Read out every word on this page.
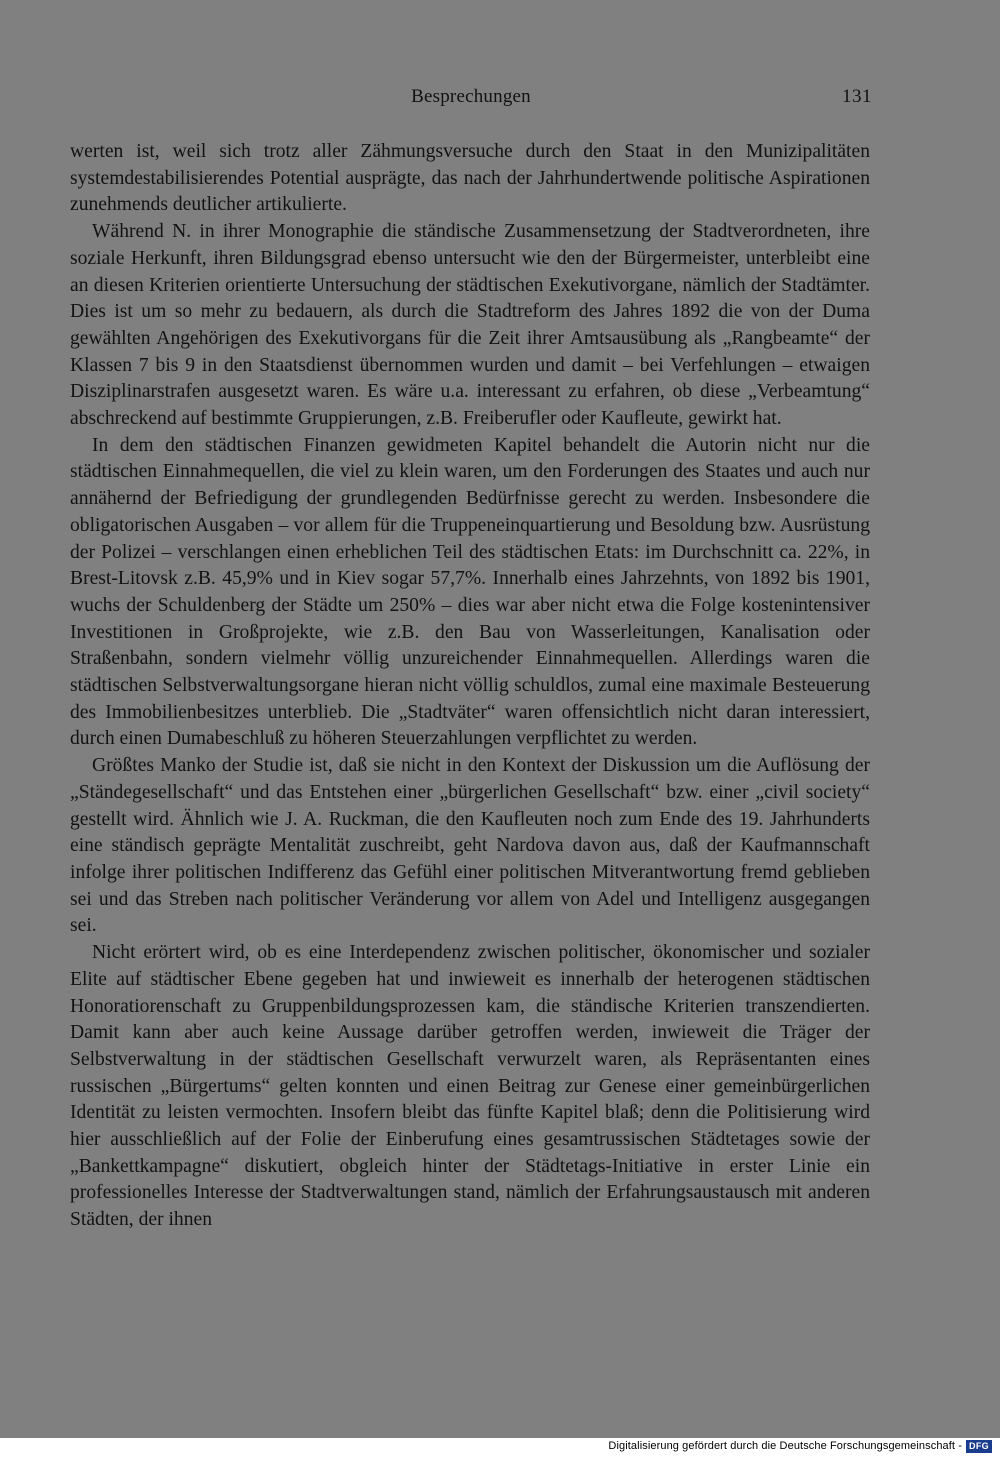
Besprechungen	131

werten ist, weil sich trotz aller Zähmungsversuche durch den Staat in den Munizipalitäten systemdestabilisierendes Potential ausprägte, das nach der Jahrhundertwende politische Aspirationen zunehmends deutlicher artikulierte.

Während N. in ihrer Monographie die ständische Zusammensetzung der Stadtverordneten, ihre soziale Herkunft, ihren Bildungsgrad ebenso untersucht wie den der Bürgermeister, unterbleibt eine an diesen Kriterien orientierte Untersuchung der städtischen Exekutivorgane, nämlich der Stadtämter. Dies ist um so mehr zu bedauern, als durch die Stadtreform des Jahres 1892 die von der Duma gewählten Angehörigen des Exekutivorgans für die Zeit ihrer Amtsausübung als „Rangbeamte“ der Klassen 7 bis 9 in den Staatsdienst übernommen wurden und damit – bei Verfehlungen – etwaigen Disziplinarstrafen ausgesetzt waren. Es wäre u.a. interessant zu erfahren, ob diese „Verbeamtung“ abschreckend auf bestimmte Gruppierungen, z.B. Freiberufler oder Kaufleute, gewirkt hat.

In dem den städtischen Finanzen gewidmeten Kapitel behandelt die Autorin nicht nur die städtischen Einnahmequellen, die viel zu klein waren, um den Forderungen des Staates und auch nur annähernd der Befriedigung der grundlegenden Bedürfnisse gerecht zu werden. Insbesondere die obligatorischen Ausgaben – vor allem für die Truppeneinquartierung und Besoldung bzw. Ausrüstung der Polizei – verschlangen einen erheblichen Teil des städtischen Etats: im Durchschnitt ca. 22%, in Brest-Litovsk z.B. 45,9% und in Kiev sogar 57,7%. Innerhalb eines Jahrzehnts, von 1892 bis 1901, wuchs der Schuldenberg der Städte um 250% – dies war aber nicht etwa die Folge kostenintensiver Investitionen in Großprojekte, wie z.B. den Bau von Wasserleitungen, Kanalisation oder Straßenbahn, sondern vielmehr völlig unzureichender Einnahmequellen. Allerdings waren die städtischen Selbstverwaltungsorgane hieran nicht völlig schuldlos, zumal eine maximale Besteuerung des Immobilienbesitzes unterblieb. Die „Stadtväter“ waren offensichtlich nicht daran interessiert, durch einen Dumabeschluß zu höheren Steuerzahlungen verpflichtet zu werden.

Größtes Manko der Studie ist, daß sie nicht in den Kontext der Diskussion um die Auflösung der „Ständegesellschaft“ und das Entstehen einer „bürgerlichen Gesellschaft“ bzw. einer „civil society“ gestellt wird. Ähnlich wie J. A. Ruckman, die den Kaufleuten noch zum Ende des 19. Jahrhunderts eine ständisch geprägte Mentalität zuschreibt, geht Nardova davon aus, daß der Kaufmannschaft infolge ihrer politischen Indifferenz das Gefühl einer politischen Mitverantwortung fremd geblieben sei und das Streben nach politischer Veränderung vor allem von Adel und Intelligenz ausgegangen sei.

Nicht erörtert wird, ob es eine Interdependenz zwischen politischer, ökonomischer und sozialer Elite auf städtischer Ebene gegeben hat und inwieweit es innerhalb der heterogenen städtischen Honoratiorenschaft zu Gruppenbildungsprozessen kam, die ständische Kriterien transzendierten. Damit kann aber auch keine Aussage darüber getroffen werden, inwieweit die Träger der Selbstverwaltung in der städtischen Gesellschaft verwurzelt waren, als Repräsentanten eines russischen „Bürgertums“ gelten konnten und einen Beitrag zur Genese einer gemeinbürgerlichen Identität zu leisten vermochten. Insofern bleibt das fünfte Kapitel blaß; denn die Politisierung wird hier ausschließlich auf der Folie der Einberufung eines gesamtrussischen Städtetages sowie der „Bankettkampagne“ diskutiert, obgleich hinter der Städtetags-Initiative in erster Linie ein professionelles Interesse der Stadtverwaltungen stand, nämlich der Erfahrungsaustausch mit anderen Städten, der ihnen

Digitalisierung gefördert durch die Deutsche Forschungsgemeinschaft - DFG
